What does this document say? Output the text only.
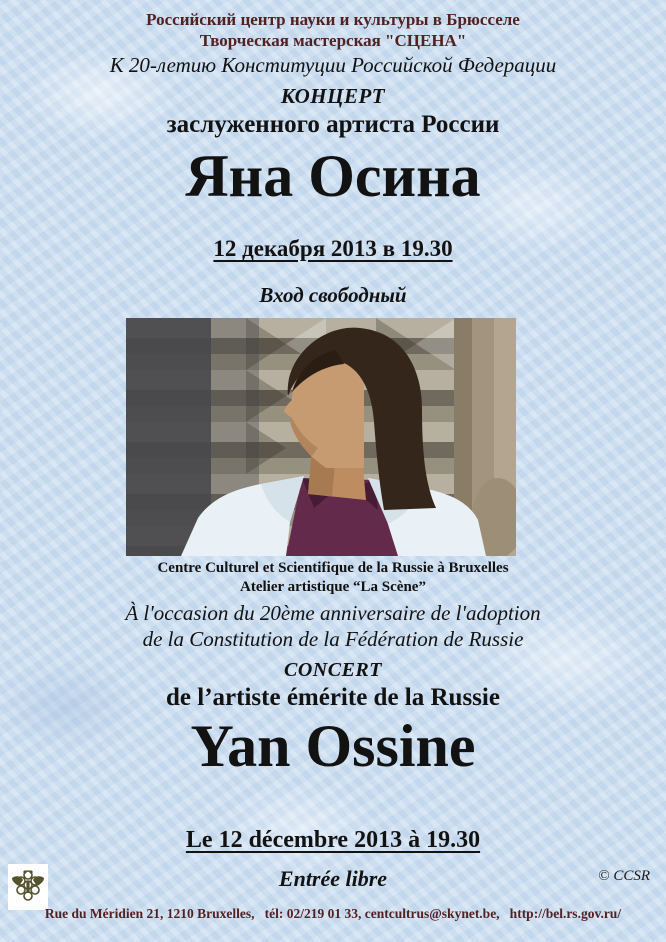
Российский центр науки и культуры в Брюсселе
Творческая мастерская "СЦЕНА"
К 20-летию Конституции Российской Федерации
КОНЦЕРТ
заслуженного артиста России
Яна Осина
12 декабря 2013 в 19.30
Вход свободный
Centre Culturel et Scientifique de la Russie à Bruxelles
Atelier artistique “La Scène”
À l'occasion du 20ème anniversaire de l'adoption
de la Constitution de la Fédération de Russie
CONCERT
de l’artiste émérite de la Russie
Yan Ossine
Le 12 décembre 2013 à 19.30
Entrée libre	© CCSR
Rue du Méridien 21, 1210 Bruxelles,   tél: 02/219 01 33, centcultrus@skynet.be,   http://bel.rs.gov.ru/
